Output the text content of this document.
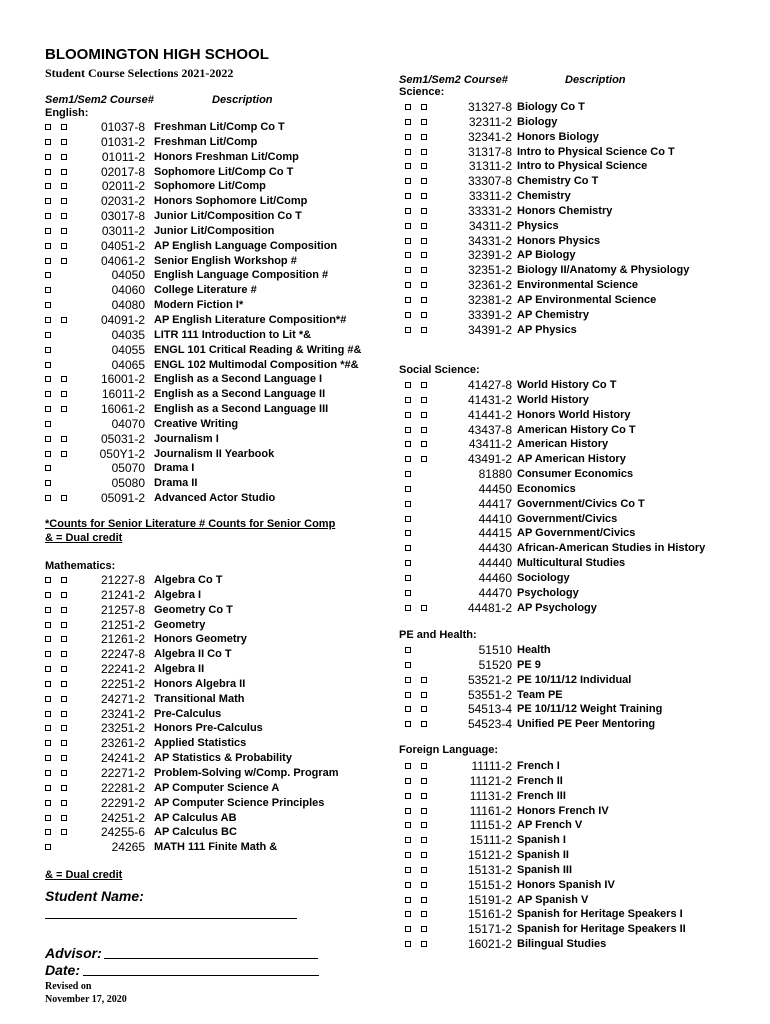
BLOOMINGTON HIGH SCHOOL
Student Course Selections 2021-2022
Sem1/Sem2 Course#	Description
English:
01037-8 Freshman Lit/Comp Co T
01031-2 Freshman Lit/Comp
01011-2 Honors Freshman Lit/Comp
02017-8 Sophomore Lit/Comp Co T
02011-2 Sophomore Lit/Comp
02031-2 Honors Sophomore Lit/Comp
03017-8 Junior Lit/Composition Co T
03011-2 Junior Lit/Composition
04051-2 AP English Language Composition
04061-2 Senior English Workshop #
04050 English Language Composition #
04060 College Literature #
04080 Modern Fiction I*
04091-2 AP English Literature Composition*#
04035 LITR 111 Introduction to Lit *&
04055 ENGL 101 Critical Reading & Writing #&
04065 ENGL 102 Multimodal Composition *#&
16001-2 English as a Second Language I
16011-2 English as a Second Language II
16061-2 English as a Second Language III
04070 Creative Writing
05031-2 Journalism I
050Y1-2 Journalism II Yearbook
05070 Drama I
05080 Drama II
05091-2 Advanced Actor Studio
*Counts for Senior Literature # Counts for Senior Comp
& = Dual credit
Mathematics:
21227-8 Algebra Co T
21241-2 Algebra I
21257-8 Geometry Co T
21251-2 Geometry
21261-2 Honors Geometry
22247-8 Algebra II Co T
22241-2 Algebra II
22251-2 Honors Algebra II
24271-2 Transitional Math
23241-2 Pre-Calculus
23251-2 Honors Pre-Calculus
23261-2 Applied Statistics
24241-2 AP Statistics & Probability
22271-2 Problem-Solving w/Comp. Program
22281-2 AP Computer Science A
22291-2 AP Computer Science Principles
24251-2 AP Calculus AB
24255-6 AP Calculus BC
24265 MATH 111 Finite Math &
& = Dual credit
Student Name:
Advisor:
Date:
Revised on
November 17, 2020
Sem1/Sem2 Course#	Description
Science:
31327-8 Biology Co T
32311-2 Biology
32341-2 Honors Biology
31317-8 Intro to Physical Science Co T
31311-2 Intro to Physical Science
33307-8 Chemistry Co T
33311-2 Chemistry
33331-2 Honors Chemistry
34311-2 Physics
34331-2 Honors Physics
32391-2 AP Biology
32351-2 Biology II/Anatomy & Physiology
32361-2 Environmental Science
32381-2 AP Environmental Science
33391-2 AP Chemistry
34391-2 AP Physics
Social Science:
41427-8 World History Co T
41431-2 World History
41441-2 Honors World History
43437-8 American History Co T
43411-2 American History
43491-2 AP American History
81880 Consumer Economics
44450 Economics
44417 Government/Civics Co T
44410 Government/Civics
44415 AP Government/Civics
44430 African-American Studies in History
44440 Multicultural Studies
44460 Sociology
44470 Psychology
44481-2 AP Psychology
PE and Health:
51510 Health
51520 PE 9
53521-2 PE 10/11/12 Individual
53551-2 Team PE
54513-4 PE 10/11/12 Weight Training
54523-4 Unified PE Peer Mentoring
Foreign Language:
11111-2 French I
11121-2 French II
11131-2 French III
11161-2 Honors French IV
11151-2 AP French V
15111-2 Spanish I
15121-2 Spanish II
15131-2 Spanish III
15151-2 Honors Spanish IV
15191-2 AP Spanish V
15161-2 Spanish for Heritage Speakers I
15171-2 Spanish for Heritage Speakers II
16021-2 Bilingual Studies
